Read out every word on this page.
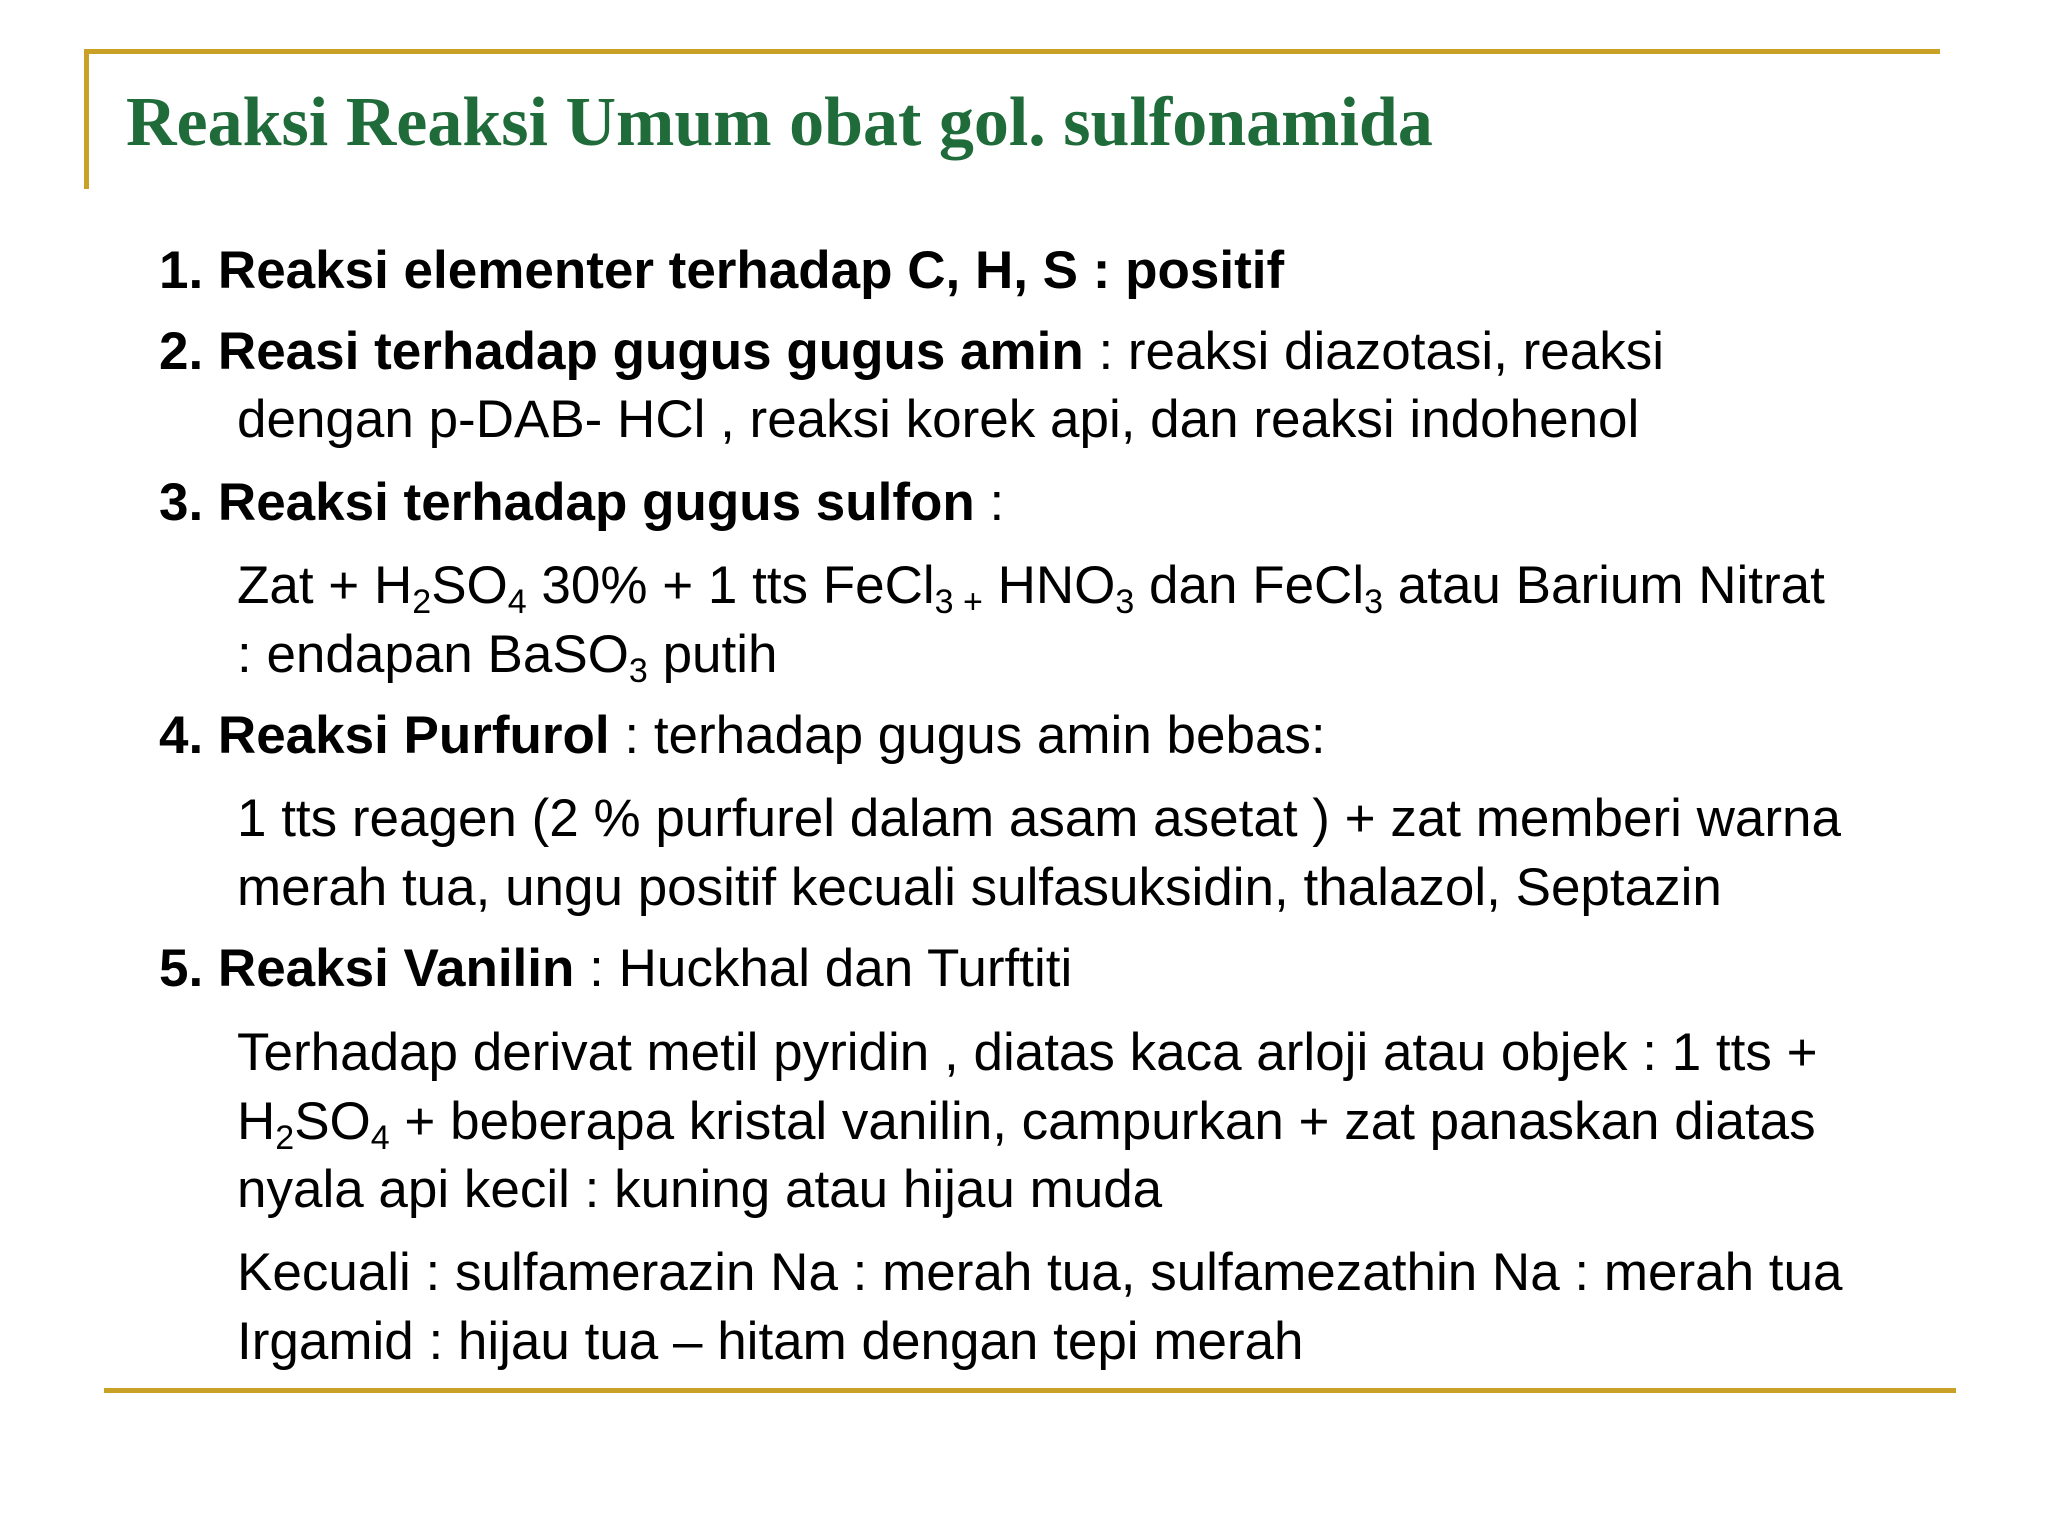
Reaksi Reaksi Umum obat gol. sulfonamida
1. Reaksi elementer terhadap C, H, S : positif
2. Reasi terhadap gugus gugus amin : reaksi diazotasi, reaksi
dengan p-DAB- HCl , reaksi korek api, dan reaksi indohenol
3. Reaksi terhadap gugus sulfon :
Zat + $H_2SO_4$ 30% + 1 tts FeCl$_{3 +}$ $HNO_3$ dan FeCl$_3$ atau Barium Nitrat
: endapan BaSO$_3$ putih
4. Reaksi Purfurol : terhadap gugus amin bebas:
1 tts reagen (2 % purfurel dalam asam asetat ) + zat memberi warna
merah tua, ungu positif kecuali sulfasuksidin, thalazol, Septazin
5. Reaksi Vanilin : Huckhal dan Turftiti
Terhadap derivat metil pyridin , diatas kaca arloji atau objek : 1 tts +
$H_2SO_4$ + beberapa kristal vanilin, campurkan + zat panaskan diatas
nyala api kecil : kuning atau hijau muda
Kecuali : sulfamerazin Na : merah tua, sulfamezathin Na : merah tua
Irgamid : hijau tua – hitam dengan tepi merah
